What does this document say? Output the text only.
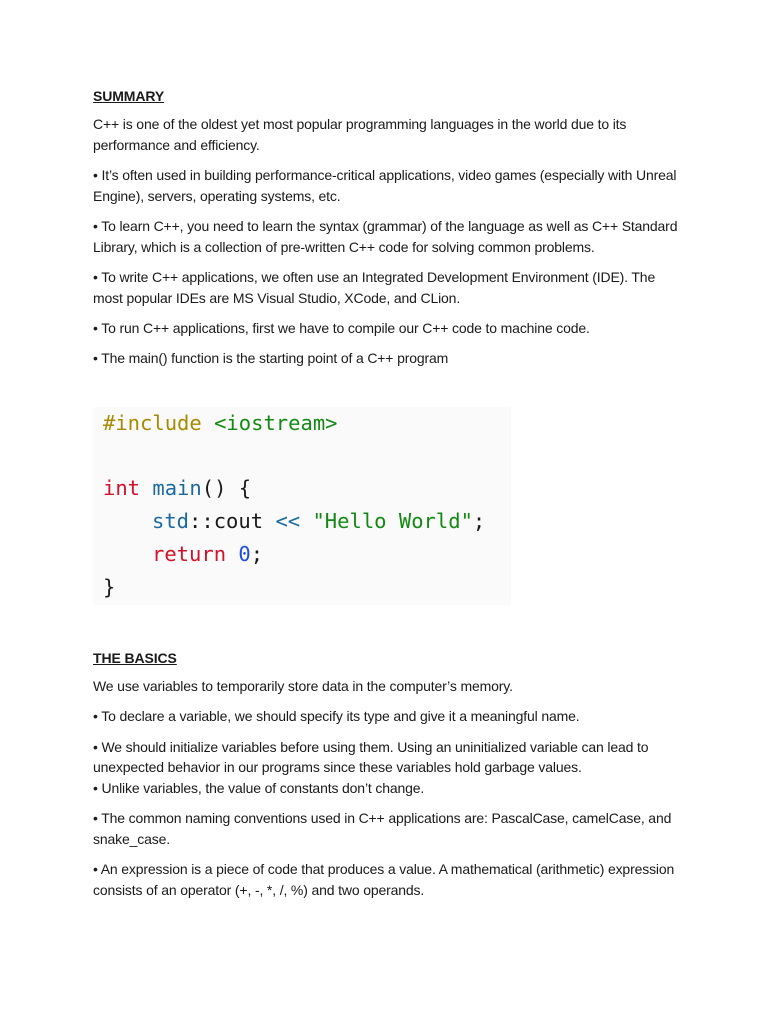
SUMMARY

C++ is one of the oldest yet most popular programming languages in the world due to its performance and efficiency.

• It’s often used in building performance-critical applications, video games (especially with Unreal Engine), servers, operating systems, etc.

• To learn C++, you need to learn the syntax (grammar) of the language as well as C++ Standard Library, which is a collection of pre-written C++ code for solving common problems.

• To write C++ applications, we often use an Integrated Development Environment (IDE). The most popular IDEs are MS Visual Studio, XCode, and CLion.

• To run C++ applications, first we have to compile our C++ code to machine code.

• The main() function is the starting point of a C++ program

#include <iostream>

int main() {

std::cout << "Hello World";

return 0;

}

THE BASICS

We use variables to temporarily store data in the computer’s memory.

• To declare a variable, we should specify its type and give it a meaningful name.

• We should initialize variables before using them. Using an uninitialized variable can lead to unexpected behavior in our programs since these variables hold garbage values.

• Unlike variables, the value of constants don’t change.

• The common naming conventions used in C++ applications are: PascalCase, camelCase, and snake_case.

• An expression is a piece of code that produces a value. A mathematical (arithmetic) expression consists of an operator (+, -, *, /, %) and two operands.
